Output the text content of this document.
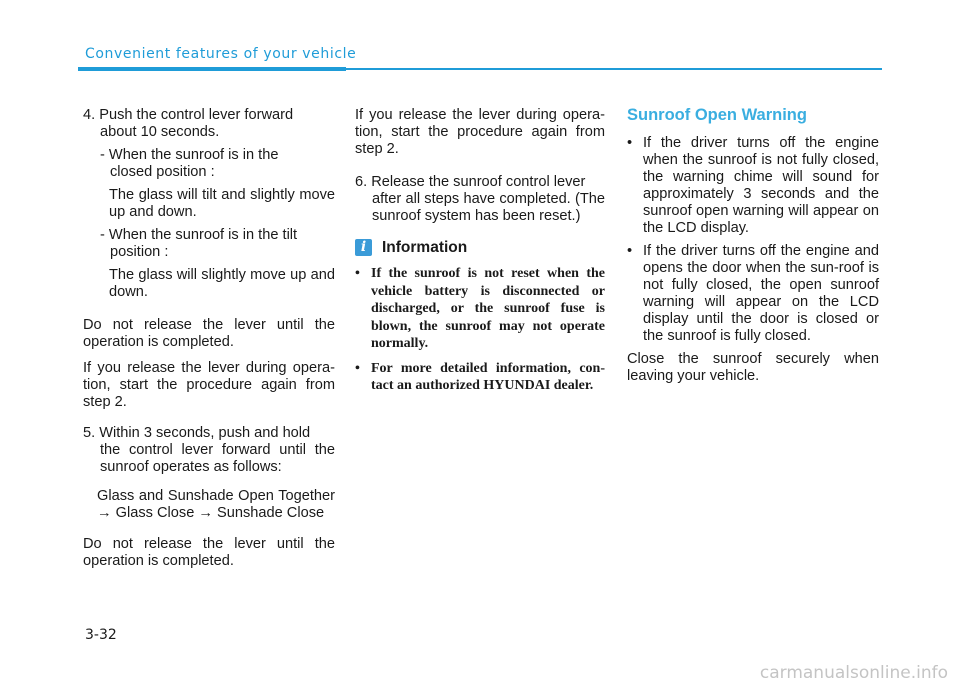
Convenient features of your vehicle
4. Push the control lever forward
about 10 seconds.
- When the sunroof is in the
closed position :
The glass will tilt and slightly move up and down.
- When the sunroof is in the tilt
position :
The glass will slightly move up and down.

Do not release the lever until the operation is completed.

If you release the lever during opera-tion, start the procedure again from step 2.

5. Within 3 seconds, push and hold
the control lever forward until the sunroof operates as follows:
Glass and Sunshade Open Together → Glass Close → Sunshade Close

Do not release the lever until the operation is completed.

If you release the lever during opera-tion, start the procedure again from step 2.

6. Release the sunroof control lever
after all steps have completed. (The sunroof system has been reset.)
i	Information
• If the sunroof is not reset when the vehicle battery is disconnected or discharged, or the sunroof fuse is blown, the sunroof may not operate normally.
• For more detailed information, con-tact an authorized HYUNDAI dealer.
Sunroof Open Warning
• If the driver turns off the engine when the sunroof is not fully closed, the warning chime will sound for approximately 3 seconds and the sunroof open warning will appear on the LCD display.
• If the driver turns off the engine and opens the door when the sun-roof is not fully closed, the open sunroof warning will appear on the LCD display until the door is closed or the sunroof is fully closed.

Close the sunroof securely when leaving your vehicle.

3-32
carmanualsonline.info
